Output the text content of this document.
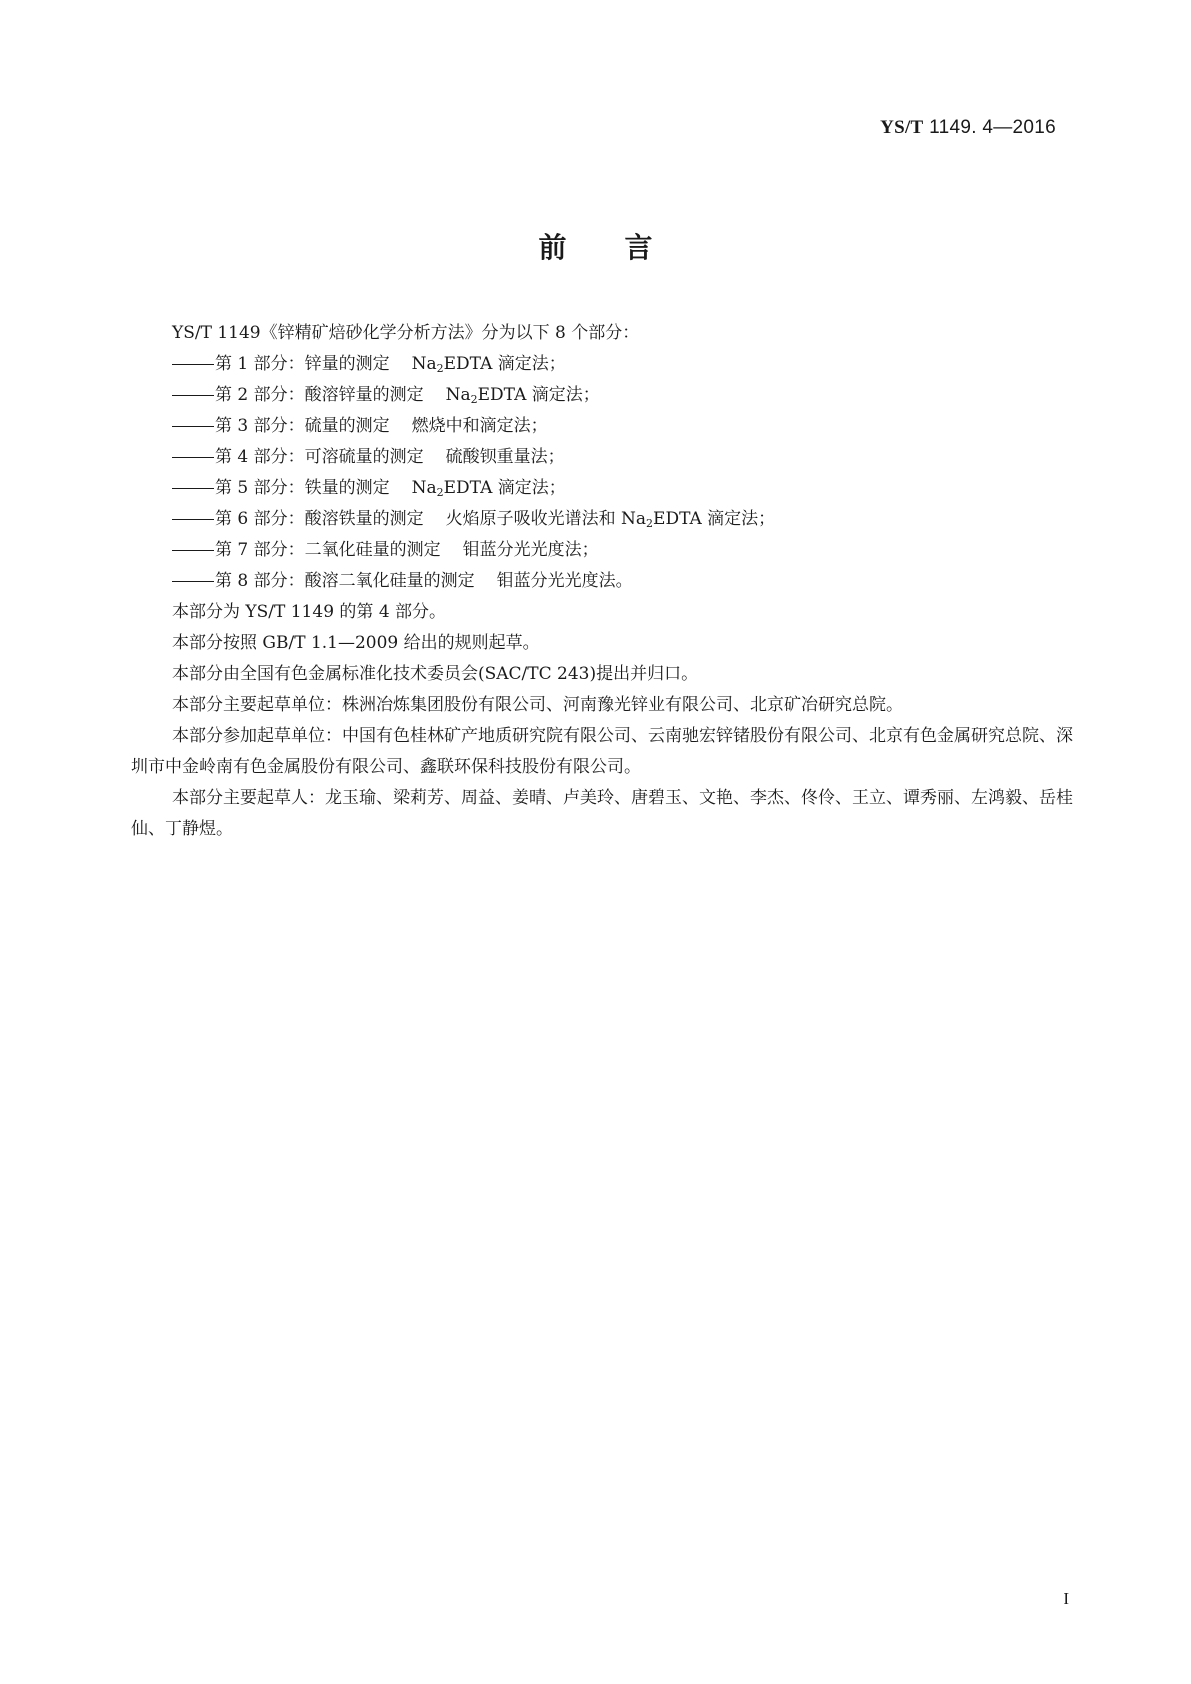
YS/T 1149. 4—2016
前 言

YS/T 1149《锌精矿焙砂化学分析方法》分为以下 8 个部分：

第 1 部分：锌量的测定 $Na_2EDTA$ 滴定法；

第 2 部分：酸溶锌量的测定 $Na_2EDTA$ 滴定法；

第 3 部分：硫量的测定 燃烧中和滴定法；

第 4 部分：可溶硫量的测定 硫酸钡重量法；

第 5 部分：铁量的测定 $Na_2EDTA$ 滴定法；

第 6 部分：酸溶铁量的测定 火焰原子吸收光谱法和 $Na_2EDTA$ 滴定法；

第 7 部分：二氧化硅量的测定 钼蓝分光光度法；

第 8 部分：酸溶二氧化硅量的测定 钼蓝分光光度法。

本部分为 YS/T 1149 的第 4 部分。

本部分按照 GB/T 1.1—2009 给出的规则起草。

本部分由全国有色金属标准化技术委员会(SAC/TC 243)提出并归口。

本部分主要起草单位：株洲冶炼集团股份有限公司、河南豫光锌业有限公司、北京矿冶研究总院。

本部分参加起草单位：中国有色桂林矿产地质研究院有限公司、云南驰宏锌锗股份有限公司、北京有色金属研究总院、深圳市中金岭南有色金属股份有限公司、鑫联环保科技股份有限公司。

本部分主要起草人：龙玉瑜、梁莉芳、周益、姜晴、卢美玲、唐碧玉、文艳、李杰、佟伶、王立、谭秀丽、左鸿毅、岳桂仙、丁静煜。

I
